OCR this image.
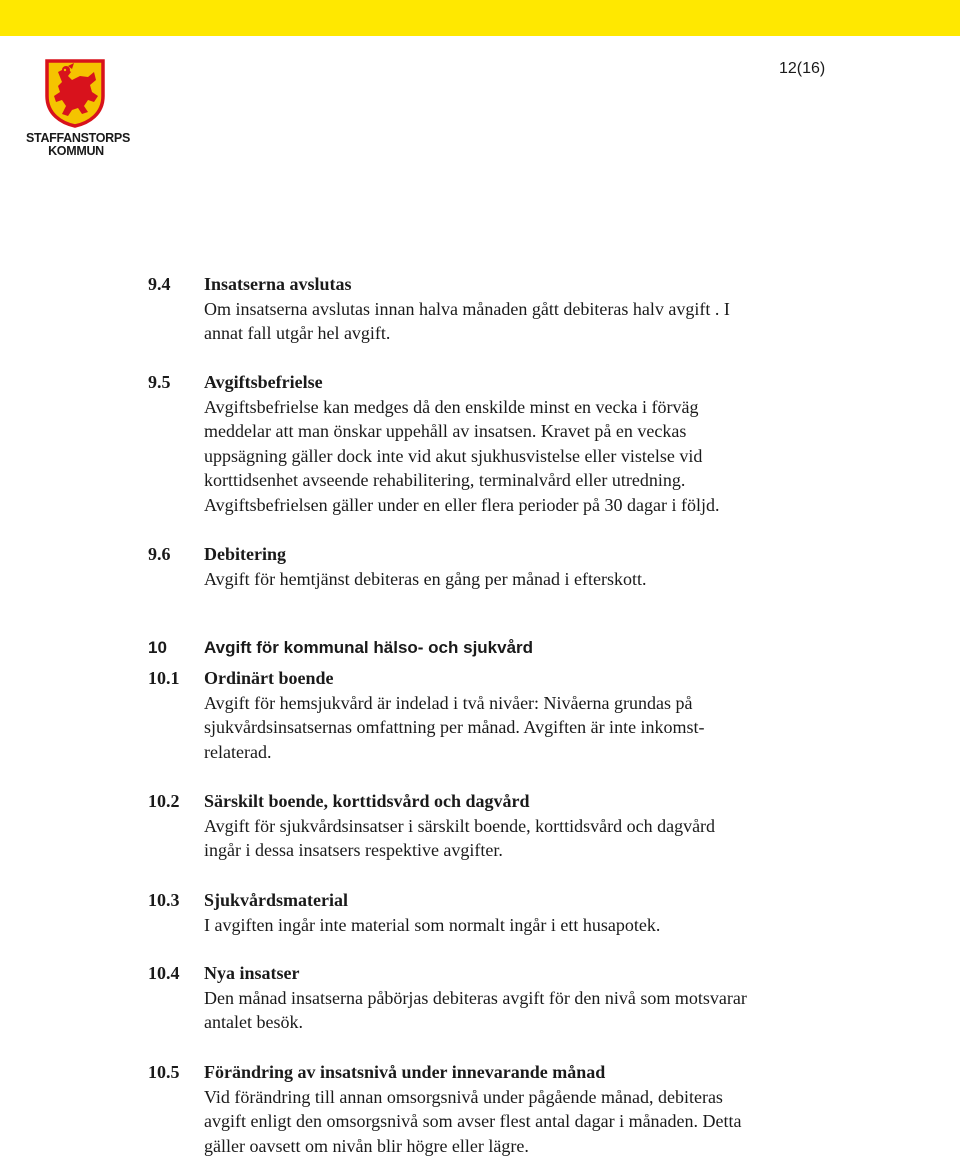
STAFFANSTORPS
KOMMUN
12(16)
9.4 Insatserna avslutas

Om insatserna avslutas innan halva månaden gått debiteras halv avgift . I

annat fall utgår hel avgift.

9.5 Avgiftsbefrielse

Avgiftsbefrielse kan medges då den enskilde minst en vecka i förväg

meddelar att man önskar uppehåll av insatsen. Kravet på en veckas

uppsägning gäller dock inte vid akut sjukhusvistelse eller vistelse vid

korttidsenhet avseende rehabilitering, terminalvård eller utredning.

Avgiftsbefrielsen gäller under en eller flera perioder på 30 dagar i följd.

9.6 Debitering

Avgift för hemtjänst debiteras en gång per månad i efterskott.

10 Avgift för kommunal hälso- och sjukvård
10.1 Ordinärt boende

Avgift för hemsjukvård är indelad i två nivåer: Nivåerna grundas på

sjukvårdsinsatsernas omfattning per månad. Avgiften är inte inkomst-

relaterad.

10.2 Särskilt boende, korttidsvård och dagvård

Avgift för sjukvårdsinsatser i särskilt boende, korttidsvård och dagvård

ingår i dessa insatsers respektive avgifter.

10.3 Sjukvårdsmaterial

I avgiften ingår inte material som normalt ingår i ett husapotek.

10.4 Nya insatser

Den månad insatserna påbörjas debiteras avgift för den nivå som motsvarar

antalet besök.

10.5 Förändring av insatsnivå under innevarande månad

Vid förändring till annan omsorgsnivå under pågående månad, debiteras

avgift enligt den omsorgsnivå som avser flest antal dagar i månaden. Detta

gäller oavsett om nivån blir högre eller lägre.
